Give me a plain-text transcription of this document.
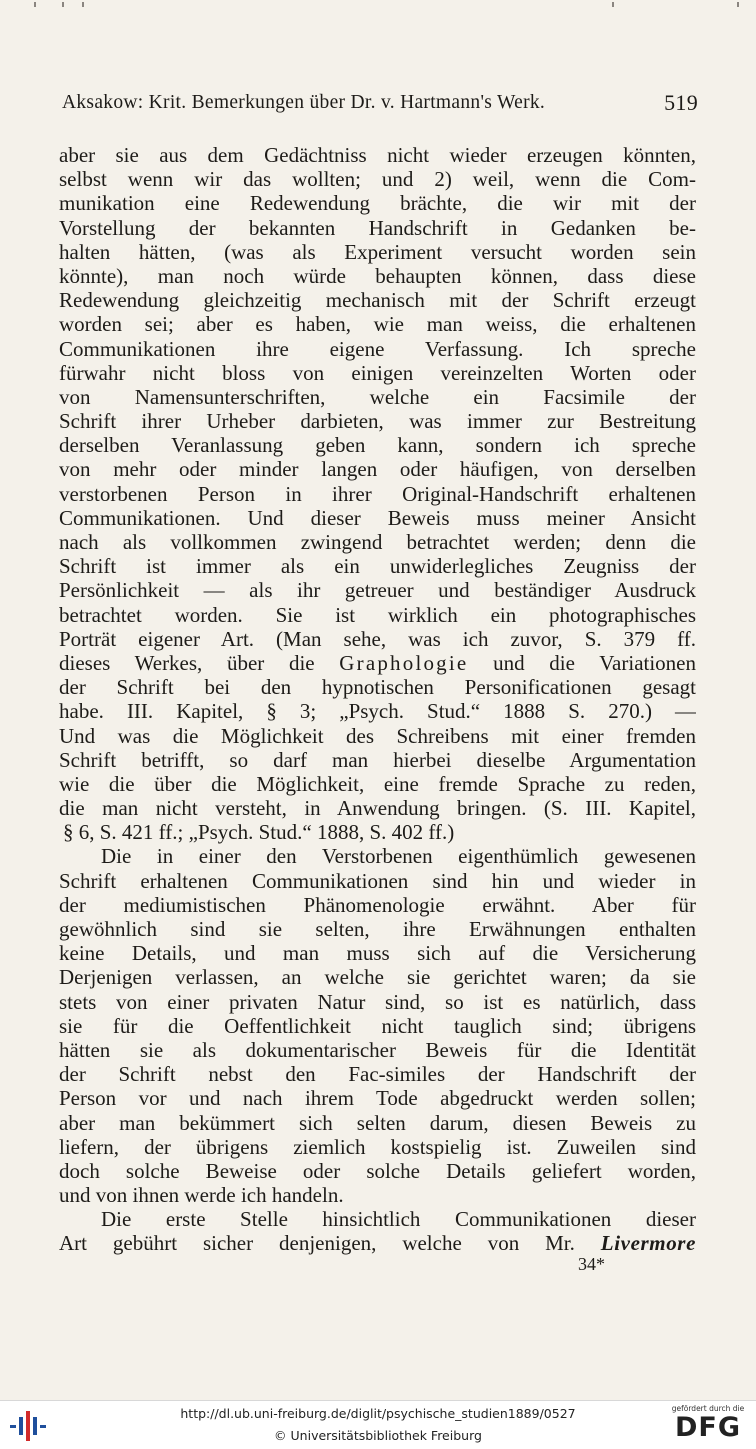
Aksakow: Krit. Bemerkungen über Dr. v. Hartmann's Werk.	519
aber sie aus dem Gedächtniss nicht wieder erzeugen könnten,
selbst wenn wir das wollten; und 2) weil, wenn die Com-
munikation eine Redewendung brächte, die wir mit der
Vorstellung der bekannten Handschrift in Gedanken be-
halten hätten, (was als Experiment versucht worden sein
könnte), man noch würde behaupten können, dass diese
Redewendung gleichzeitig mechanisch mit der Schrift erzeugt
worden sei; aber es haben, wie man weiss, die erhaltenen
Communikationen ihre eigene Verfassung. Ich spreche
fürwahr nicht bloss von einigen vereinzelten Worten oder
von Namensunterschriften, welche ein Facsimile der
Schrift ihrer Urheber darbieten, was immer zur Bestreitung
derselben Veranlassung geben kann, sondern ich spreche
von mehr oder minder langen oder häufigen, von derselben
verstorbenen Person in ihrer Original-Handschrift erhaltenen
Communikationen. Und dieser Beweis muss meiner Ansicht
nach als vollkommen zwingend betrachtet werden; denn die
Schrift ist immer als ein unwiderlegliches Zeugniss der
Persönlichkeit — als ihr getreuer und beständiger Ausdruck
betrachtet worden. Sie ist wirklich ein photographisches
Porträt eigener Art. (Man sehe, was ich zuvor, S. 379 ff.
dieses Werkes, über die Graphologie und die Variationen
der Schrift bei den hypnotischen Personificationen gesagt
habe. III. Kapitel, § 3; „Psych. Stud.“ 1888 S. 270.) —
Und was die Möglichkeit des Schreibens mit einer fremden
Schrift betrifft, so darf man hierbei dieselbe Argumentation
wie die über die Möglichkeit, eine fremde Sprache zu reden,
die man nicht versteht, in Anwendung bringen. (S. III. Kapitel,
§ 6, S. 421 ff.; „Psych. Stud.“ 1888, S. 402 ff.)
Die in einer den Verstorbenen eigenthümlich gewesenen
Schrift erhaltenen Communikationen sind hin und wieder in
der mediumistischen Phänomenologie erwähnt. Aber für
gewöhnlich sind sie selten, ihre Erwähnungen enthalten
keine Details, und man muss sich auf die Versicherung
Derjenigen verlassen, an welche sie gerichtet waren; da sie
stets von einer privaten Natur sind, so ist es natürlich, dass
sie für die Oeffentlichkeit nicht tauglich sind; übrigens
hätten sie als dokumentarischer Beweis für die Identität
der Schrift nebst den Fac-similes der Handschrift der
Person vor und nach ihrem Tode abgedruckt werden sollen;
aber man bekümmert sich selten darum, diesen Beweis zu
liefern, der übrigens ziemlich kostspielig ist. Zuweilen sind
doch solche Beweise oder solche Details geliefert worden,
und von ihnen werde ich handeln.
Die erste Stelle hinsichtlich Communikationen dieser
Art gebührt sicher denjenigen, welche von Mr. Livermore
34*
http://dl.ub.uni-freiburg.de/diglit/psychische_studien1889/0527
© Universitätsbibliothek Freiburg
gefördert durch die
DFG
